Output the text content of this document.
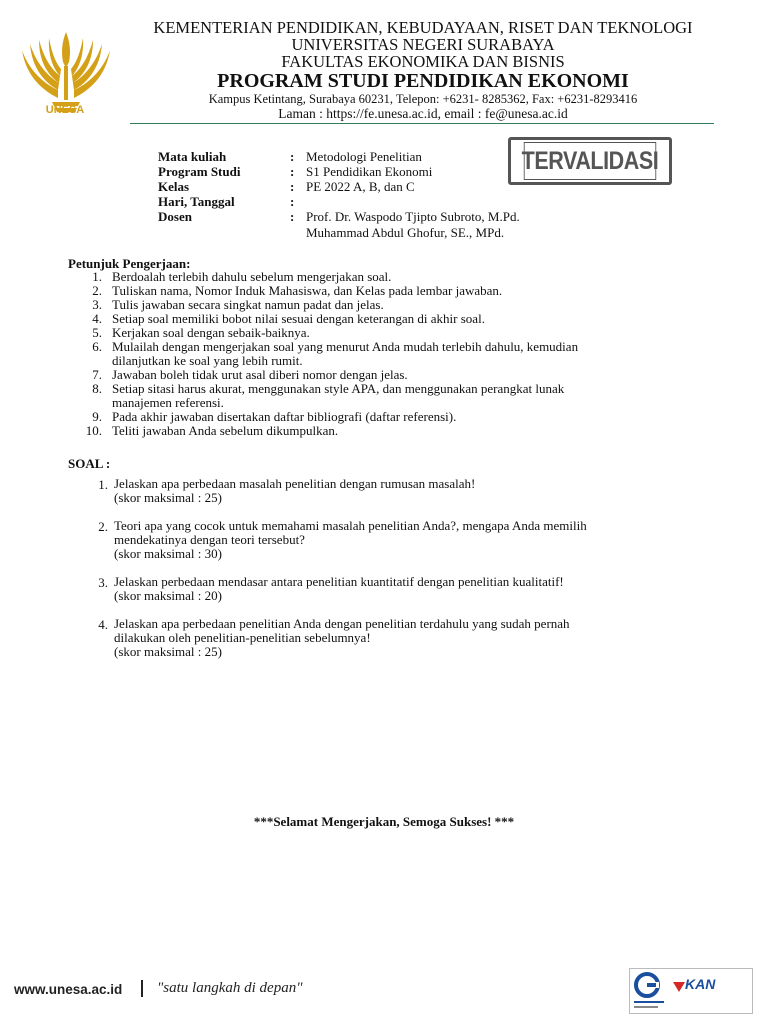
UNESA
KEMENTERIAN PENDIDIKAN, KEBUDAYAAN, RISET DAN TEKNOLOGI
UNIVERSITAS NEGERI SURABAYA
FAKULTAS EKONOMIKA DAN BISNIS
PROGRAM STUDI PENDIDIKAN EKONOMI
Kampus Ketintang, Surabaya 60231, Telepon: +6231- 8285362, Fax: +6231-8293416
Laman : https://fe.unesa.ac.id, email : fe@unesa.ac.id
Mata kuliah	: Metodologi Penelitian
Program Studi	: S1 Pendidikan Ekonomi
Kelas	: PE 2022 A, B, dan C
Hari, Tanggal	:
Dosen	: Prof. Dr. Waspodo Tjipto Subroto, M.Pd.
Muhammad Abdul Ghofur, SE., MPd.
TERVALIDASI
Petunjuk Pengerjaan:
1. Berdoalah terlebih dahulu sebelum mengerjakan soal.
2. Tuliskan nama, Nomor Induk Mahasiswa, dan Kelas pada lembar jawaban.
3. Tulis jawaban secara singkat namun padat dan jelas.
4. Setiap soal memiliki bobot nilai sesuai dengan keterangan di akhir soal.
5. Kerjakan soal dengan sebaik-baiknya.
6. Mulailah dengan mengerjakan soal yang menurut Anda mudah terlebih dahulu, kemudian
dilanjutkan ke soal yang lebih rumit.
7. Jawaban boleh tidak urut asal diberi nomor dengan jelas.
8. Setiap sitasi harus akurat, menggunakan style APA, dan menggunakan perangkat lunak
manajemen referensi.
9. Pada akhir jawaban disertakan daftar bibliografi (daftar referensi).
10. Teliti jawaban Anda sebelum dikumpulkan.
SOAL :
1. Jelaskan apa perbedaan masalah penelitian dengan rumusan masalah!
(skor maksimal : 25)
2. Teori apa yang cocok untuk memahami masalah penelitian Anda?, mengapa Anda memilih
mendekatinya dengan teori tersebut?
(skor maksimal : 30)
3. Jelaskan perbedaan mendasar antara penelitian kuantitatif dengan penelitian kualitatif!
(skor maksimal : 20)
4. Jelaskan apa perbedaan penelitian Anda dengan penelitian terdahulu yang sudah pernah
dilakukan oleh penelitian-penelitian sebelumnya!
(skor maksimal : 25)
***Selamat Mengerjakan, Semoga Sukses! ***
www.unesa.ac.id "satu langkah di depan"	KAN
